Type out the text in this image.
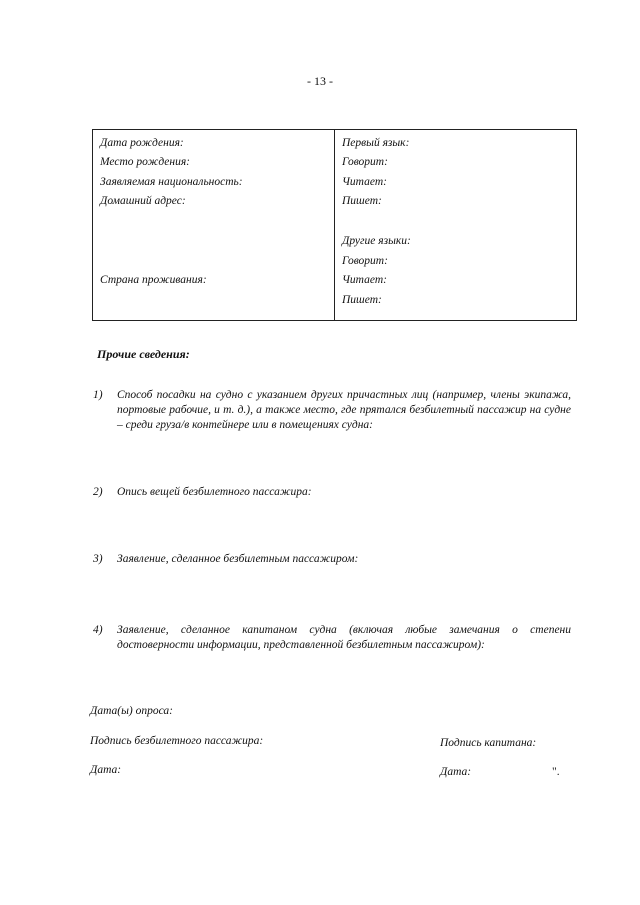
- 13 -
Дата рождения:
Место рождения:
Заявляемая национальность:
Домашний адрес:
Страна проживания:
Первый язык:
Говорит:
Читает:
Пишет:
Другие языки:
Говорит:
Читает:
Пишет:
Прочие сведения:
1) Способ посадки на судно с указанием других причастных лиц (например, члены экипажа, портовые рабочие, и т. д.), а также место, где прятался безбилетный пассажир на судне – среди груза/в контейнере или в помещениях судна:
2) Опись вещей безбилетного пассажира:
3) Заявление, сделанное безбилетным пассажиром:
4) Заявление, сделанное капитаном судна (включая любые замечания о степени достоверности информации, представленной безбилетным пассажиром):
Дата(ы) опроса:
Подпись безбилетного пассажира:	Подпись капитана:
Дата:	Дата:	".
